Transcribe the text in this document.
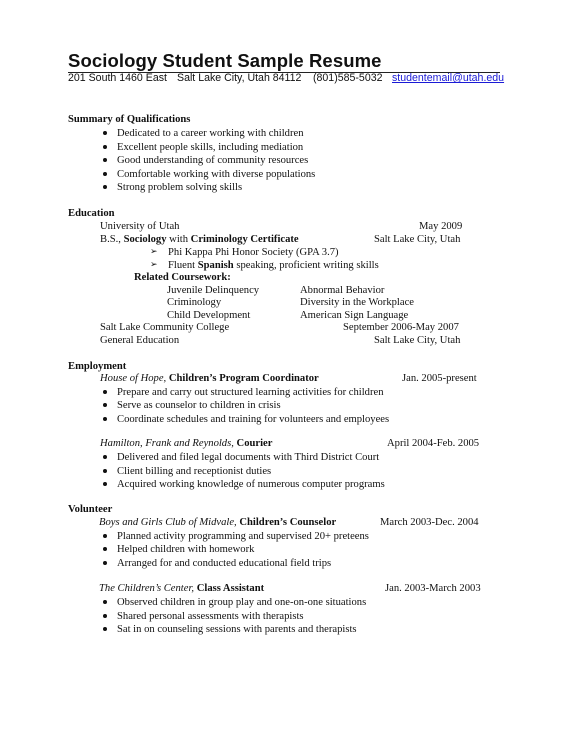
Sociology Student Sample Resume
201 South 1460 East Salt Lake City, Utah 84112 (801)585-5032 studentemail@utah.edu
Summary of Qualifications
Dedicated to a career working with children
Excellent people skills, including mediation
Good understanding of community resources
Comfortable working with diverse populations
Strong problem solving skills
Education
University of Utah	May 2009
B.S., Sociology with Criminology Certificate	Salt Lake City, Utah
➢ Phi Kappa Phi Honor Society (GPA 3.7)
➢ Fluent Spanish speaking, proficient writing skills
Related Coursework:
Juvenile Delinquency	Abnormal Behavior
Criminology	Diversity in the Workplace
Child Development	American Sign Language
Salt Lake Community College	September 2006-May 2007
General Education	Salt Lake City, Utah
Employment
House of Hope, Children’s Program Coordinator	Jan. 2005-present
Prepare and carry out structured learning activities for children
Serve as counselor to children in crisis
Coordinate schedules and training for volunteers and employees
Hamilton, Frank and Reynolds, Courier	April 2004-Feb. 2005
Delivered and filed legal documents with Third District Court
Client billing and receptionist duties
Acquired working knowledge of numerous computer programs
Volunteer
Boys and Girls Club of Midvale, Children’s Counselor	March 2003-Dec. 2004
Planned activity programming and supervised 20+ preteens
Helped children with homework
Arranged for and conducted educational field trips
The Children’s Center, Class Assistant	Jan. 2003-March 2003
Observed children in group play and one-on-one situations
Shared personal assessments with therapists
Sat in on counseling sessions with parents and therapists
